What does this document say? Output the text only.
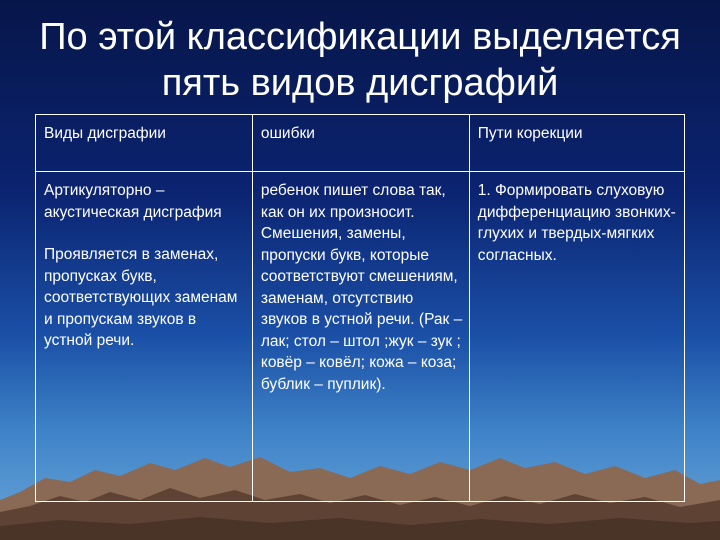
По этой классификации выделяется
пять видов дисграфий
Виды дисграфии	ошибки	Пути корекции

Артикуляторно – акустическая дисграфия
Проявляется в заменах, пропусках букв, соответствующих заменам и пропускам звуков в устной речи.	ребенок пишет слова так, как он их произносит. Смешения, замены, пропуски букв, которые соответствуют смешениям, заменам, отсутствию звуков в устной речи. (Рак – лак; стол – штол ;жук – зук ; ковёр – ковёл; кожа – коза; бублик – пуплик).	1. Формировать слуховую дифференциацию звонких-глухих и твердых-мягких согласных.
